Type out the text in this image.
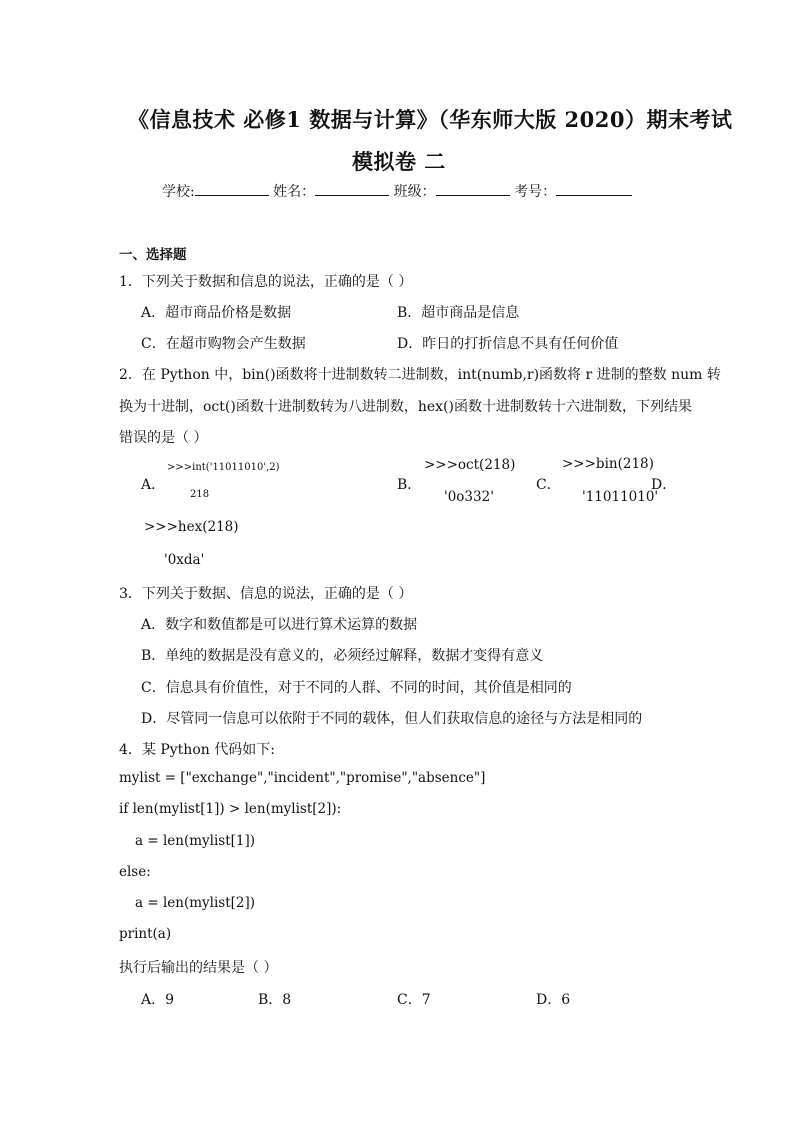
《信息技术 必修1 数据与计算》（华东师大版 2020）期末考试
模拟卷 二
学校:	姓名：	班级：	考号：
一、选择题
1．下列关于数据和信息的说法，正确的是（ ）
A．超市商品价格是数据	B．超市商品是信息
C．在超市购物会产生数据	D．昨日的打折信息不具有任何价值
2．在 Python 中，bin()函数将十进制数转二进制数，int(numb,r)函数将 r 进制的整数 num 转
换为十进制，oct()函数十进制数转为八进制数，hex()函数十进制数转十六进制数，下列结果
错误的是（ ）
A．
>>>int('11011010',2)
218
B．
>>>oct(218)
'0o332'
C．
>>>bin(218)
'11011010'
D．
>>>hex(218)
'0xda'
3．下列关于数据、信息的说法，正确的是（ ）
A．数字和数值都是可以进行算术运算的数据
B．单纯的数据是没有意义的，必须经过解释，数据才变得有意义
C．信息具有价值性，对于不同的人群、不同的时间，其价值是相同的
D．尽管同一信息可以依附于不同的载体，但人们获取信息的途径与方法是相同的
4．某 Python 代码如下:
mylist = ["exchange","incident","promise","absence"]
if len(mylist[1]) > len(mylist[2]):
a = len(mylist[1])
else:
a = len(mylist[2])
print(a)
执行后输出的结果是（ ）
A．9	B．8	C．7	D．6
